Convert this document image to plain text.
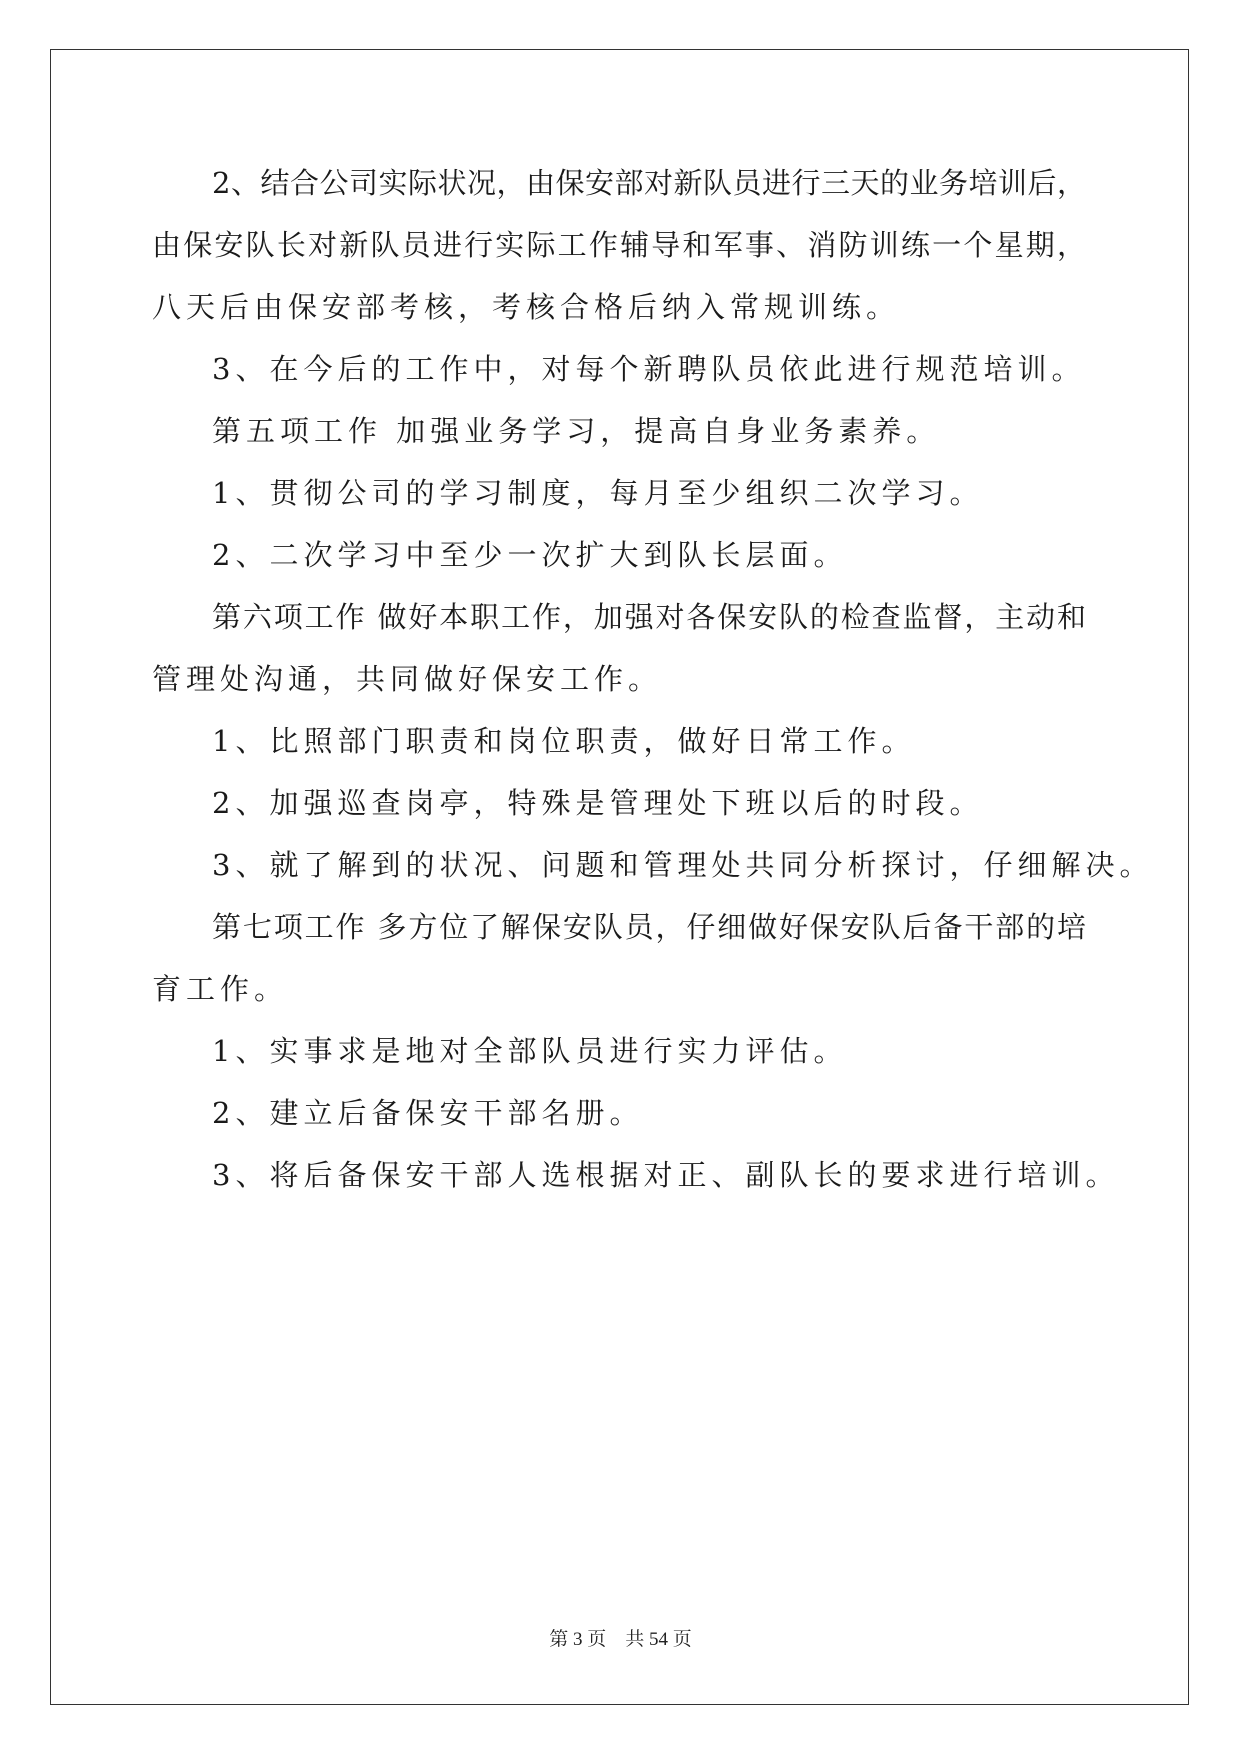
2、结合公司实际状况，由保安部对新队员进行三天的业务培训后，
由保安队长对新队员进行实际工作辅导和军事、消防训练一个星期，
八天后由保安部考核，考核合格后纳入常规训练。
3、在今后的工作中，对每个新聘队员依此进行规范培训。
第五项工作 加强业务学习，提高自身业务素养。
1、贯彻公司的学习制度，每月至少组织二次学习。
2、二次学习中至少一次扩大到队长层面。
第六项工作 做好本职工作，加强对各保安队的检查监督，主动和
管理处沟通，共同做好保安工作。
1、比照部门职责和岗位职责，做好日常工作。
2、加强巡查岗亭，特殊是管理处下班以后的时段。
3、就了解到的状况、问题和管理处共同分析探讨，仔细解决。
第七项工作 多方位了解保安队员，仔细做好保安队后备干部的培
育工作。
1、实事求是地对全部队员进行实力评估。
2、建立后备保安干部名册。
3、将后备保安干部人选根据对正、副队长的要求进行培训。
第 3 页　共 54 页
